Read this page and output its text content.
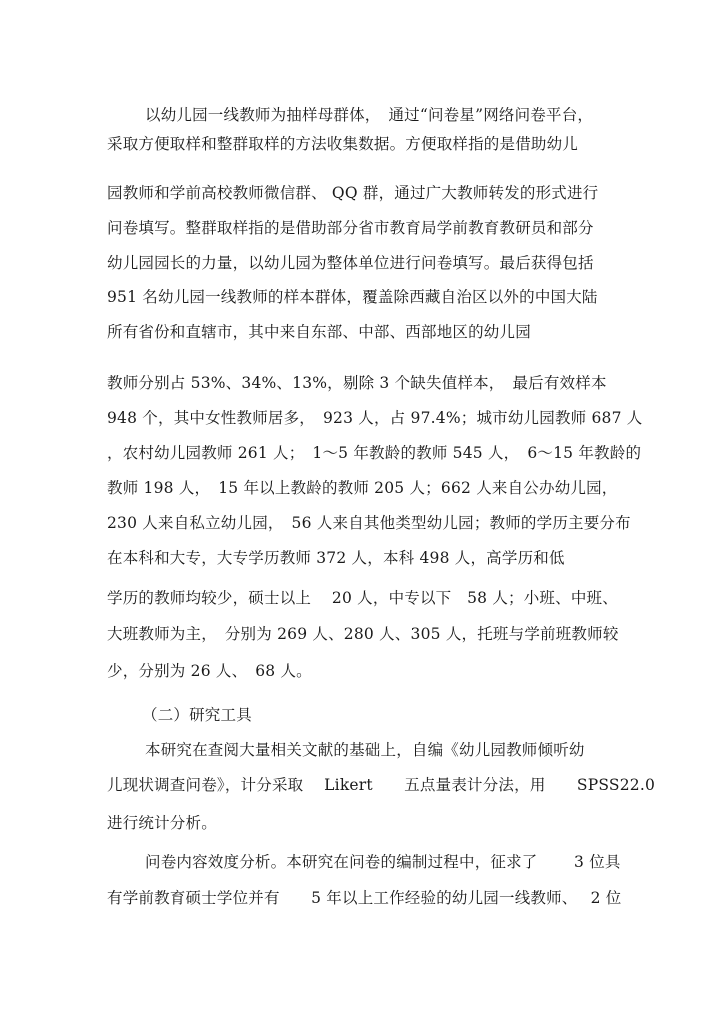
以幼儿园一线教师为抽样母群体，　通过“问卷星”网络问卷平台，
采取方便取样和整群取样的方法收集数据。方便取样指的是借助幼儿
园教师和学前高校教师微信群、 QQ 群，通过广大教师转发的形式进行
问卷填写。整群取样指的是借助部分省市教育局学前教育教研员和部分
幼儿园园长的力量，以幼儿园为整体单位进行问卷填写。最后获得包括
951 名幼儿园一线教师的样本群体，覆盖除西藏自治区以外的中国大陆
所有省份和直辖市，其中来自东部、中部、西部地区的幼儿园
教师分别占 53%、34%、13%，剔除 3 个缺失值样本，　最后有效样本
948 个，其中女性教师居多，　923 人，占 97.4%；城市幼儿园教师 687 人
，农村幼儿园教师 261 人；　1～5 年教龄的教师 545 人，　6～15 年教龄的
教师 198 人，　15 年以上教龄的教师 205 人；662 人来自公办幼儿园，
230 人来自私立幼儿园，　56 人来自其他类型幼儿园；教师的学历主要分布
在本科和大专，大专学历教师 372 人，本科 498 人，高学历和低
学历的教师均较少，硕士以上　 20 人，中专以下　58 人；小班、中班、
大班教师为主，　分别为 269 人、280 人、305 人，托班与学前班教师较
少，分别为 26 人、　68 人。
（二）研究工具
本研究在查阅大量相关文献的基础上，自编《幼儿园教师倾听幼
儿现状调查问卷》，计分采取　 Likert　　五点量表计分法，用　　SPSS22.0
进行统计分析。
问卷内容效度分析。本研究在问卷的编制过程中，征求了　　 3 位具
有学前教育硕士学位并有　　5 年以上工作经验的幼儿园一线教师、　 2 位
